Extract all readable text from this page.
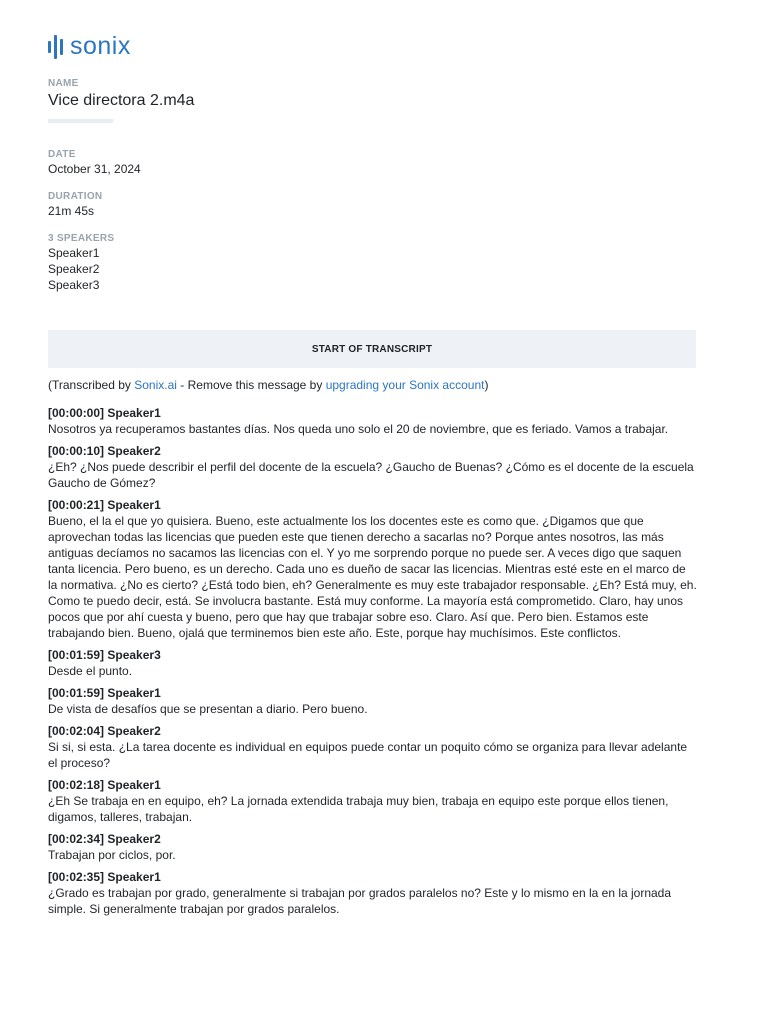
sonix
NAME
Vice directora 2.m4a
DATE
October 31, 2024
DURATION
21m 45s
3 SPEAKERS
Speaker1
Speaker2
Speaker3
START OF TRANSCRIPT
(Transcribed by Sonix.ai - Remove this message by upgrading your Sonix account)
[00:00:00] Speaker1
Nosotros ya recuperamos bastantes días. Nos queda uno solo el 20 de noviembre, que es feriado. Vamos a trabajar.
[00:00:10] Speaker2
¿Eh? ¿Nos puede describir el perfil del docente de la escuela? ¿Gaucho de Buenas? ¿Cómo es el docente de la escuela Gaucho de Gómez?
[00:00:21] Speaker1
Bueno, el la el que yo quisiera. Bueno, este actualmente los los docentes este es como que. ¿Digamos que que aprovechan todas las licencias que pueden este que tienen derecho a sacarlas no? Porque antes nosotros, las más antiguas decíamos no sacamos las licencias con el. Y yo me sorprendo porque no puede ser. A veces digo que saquen tanta licencia. Pero bueno, es un derecho. Cada uno es dueño de sacar las licencias. Mientras esté este en el marco de la normativa. ¿No es cierto? ¿Está todo bien, eh? Generalmente es muy este trabajador responsable. ¿Eh? Está muy, eh. Como te puedo decir, está. Se involucra bastante. Está muy conforme. La mayoría está comprometido. Claro, hay unos pocos que por ahí cuesta y bueno, pero que hay que trabajar sobre eso. Claro. Así que. Pero bien. Estamos este trabajando bien. Bueno, ojalá que terminemos bien este año. Este, porque hay muchísimos. Este conflictos.
[00:01:59] Speaker3
Desde el punto.
[00:01:59] Speaker1
De vista de desafíos que se presentan a diario. Pero bueno.
[00:02:04] Speaker2
Si si, si esta. ¿La tarea docente es individual en equipos puede contar un poquito cómo se organiza para llevar adelante el proceso?
[00:02:18] Speaker1
¿Eh Se trabaja en en equipo, eh? La jornada extendida trabaja muy bien, trabaja en equipo este porque ellos tienen, digamos, talleres, trabajan.
[00:02:34] Speaker2
Trabajan por ciclos, por.
[00:02:35] Speaker1
¿Grado es trabajan por grado, generalmente si trabajan por grados paralelos no? Este y lo mismo en la en la jornada simple. Si generalmente trabajan por grados paralelos.
